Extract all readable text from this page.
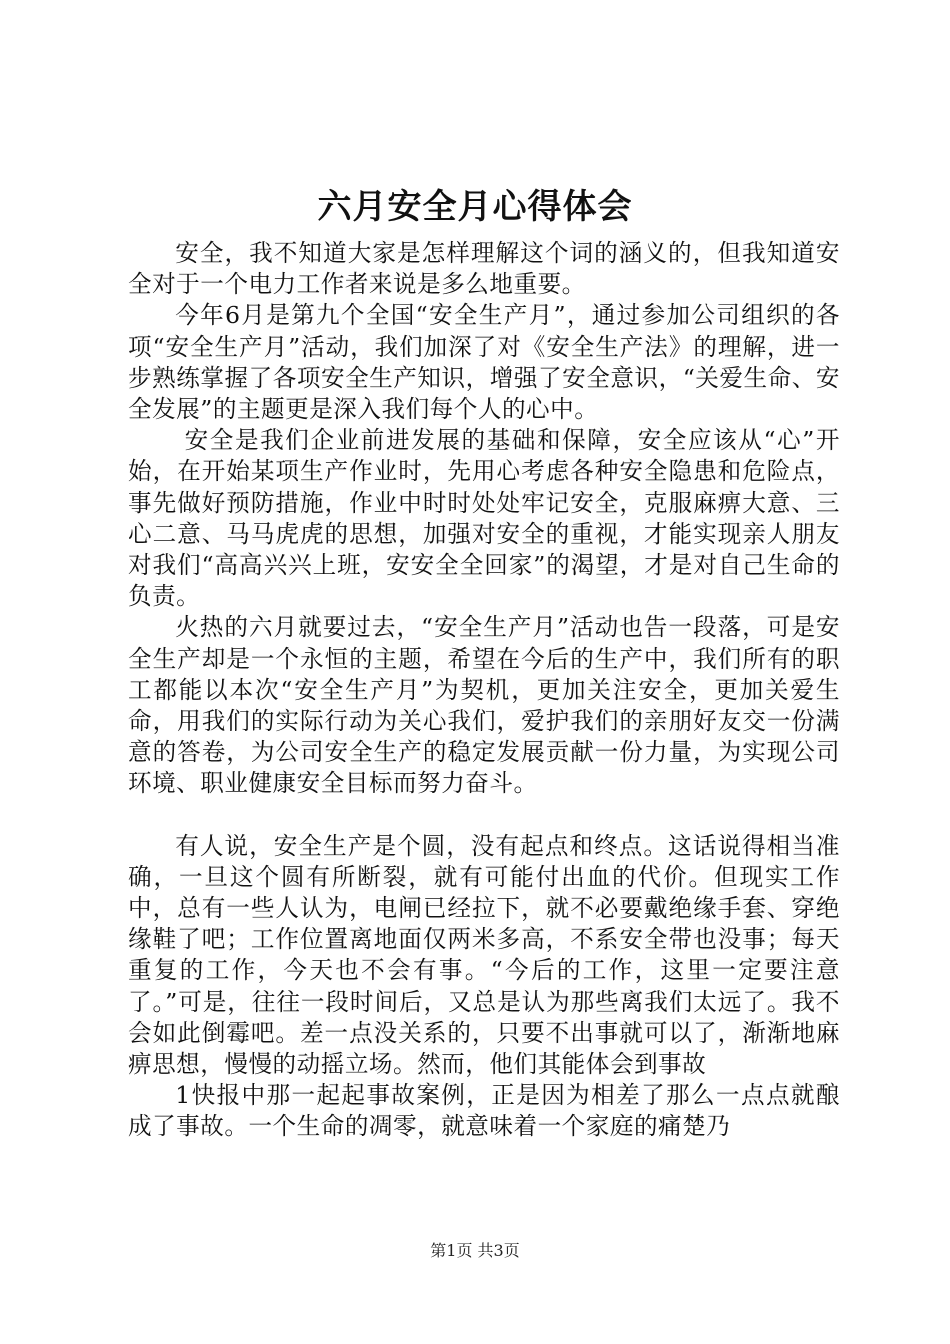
六月安全月心得体会

安全，我不知道大家是怎样理解这个词的涵义的，但我知道安全对于一个电力工作者来说是多么地重要。

今年6月是第九个全国“安全生产月”，通过参加公司组织的各项“安全生产月”活动，我们加深了对《安全生产法》的理解，进一步熟练掌握了各项安全生产知识，增强了安全意识，“关爱生命、安全发展”的主题更是深入我们每个人的心中。

安全是我们企业前进发展的基础和保障，安全应该从“心”开始，在开始某项生产作业时，先用心考虑各种安全隐患和危险点，事先做好预防措施，作业中时时处处牢记安全，克服麻痹大意、三心二意、马马虎虎的思想，加强对安全的重视，才能实现亲人朋友对我们“高高兴兴上班，安安全全回家”的渴望，才是对自己生命的负责。

火热的六月就要过去，“安全生产月”活动也告一段落，可是安全生产却是一个永恒的主题，希望在今后的生产中，我们所有的职工都能以本次“安全生产月”为契机，更加关注安全，更加关爱生命，用我们的实际行动为关心我们，爱护我们的亲朋好友交一份满意的答卷，为公司安全生产的稳定发展贡献一份力量，为实现公司环境、职业健康安全目标而努力奋斗。

有人说，安全生产是个圆，没有起点和终点。这话说得相当准确，一旦这个圆有所断裂，就有可能付出血的代价。但现实工作中，总有一些人认为，电闸已经拉下，就不必要戴绝缘手套、穿绝缘鞋了吧；工作位置离地面仅两米多高，不系安全带也没事；每天重复的工作，今天也不会有事。“今后的工作，这里一定要注意了。”可是，往往一段时间后，又总是认为那些离我们太远了。我不会如此倒霉吧。差一点没关系的，只要不出事就可以了，渐渐地麻痹思想，慢慢的动摇立场。然而，他们其能体会到事故

1快报中那一起起事故案例，正是因为相差了那么一点点就酿成了事故。一个生命的凋零，就意味着一个家庭的痛楚乃

第1页 共3页
